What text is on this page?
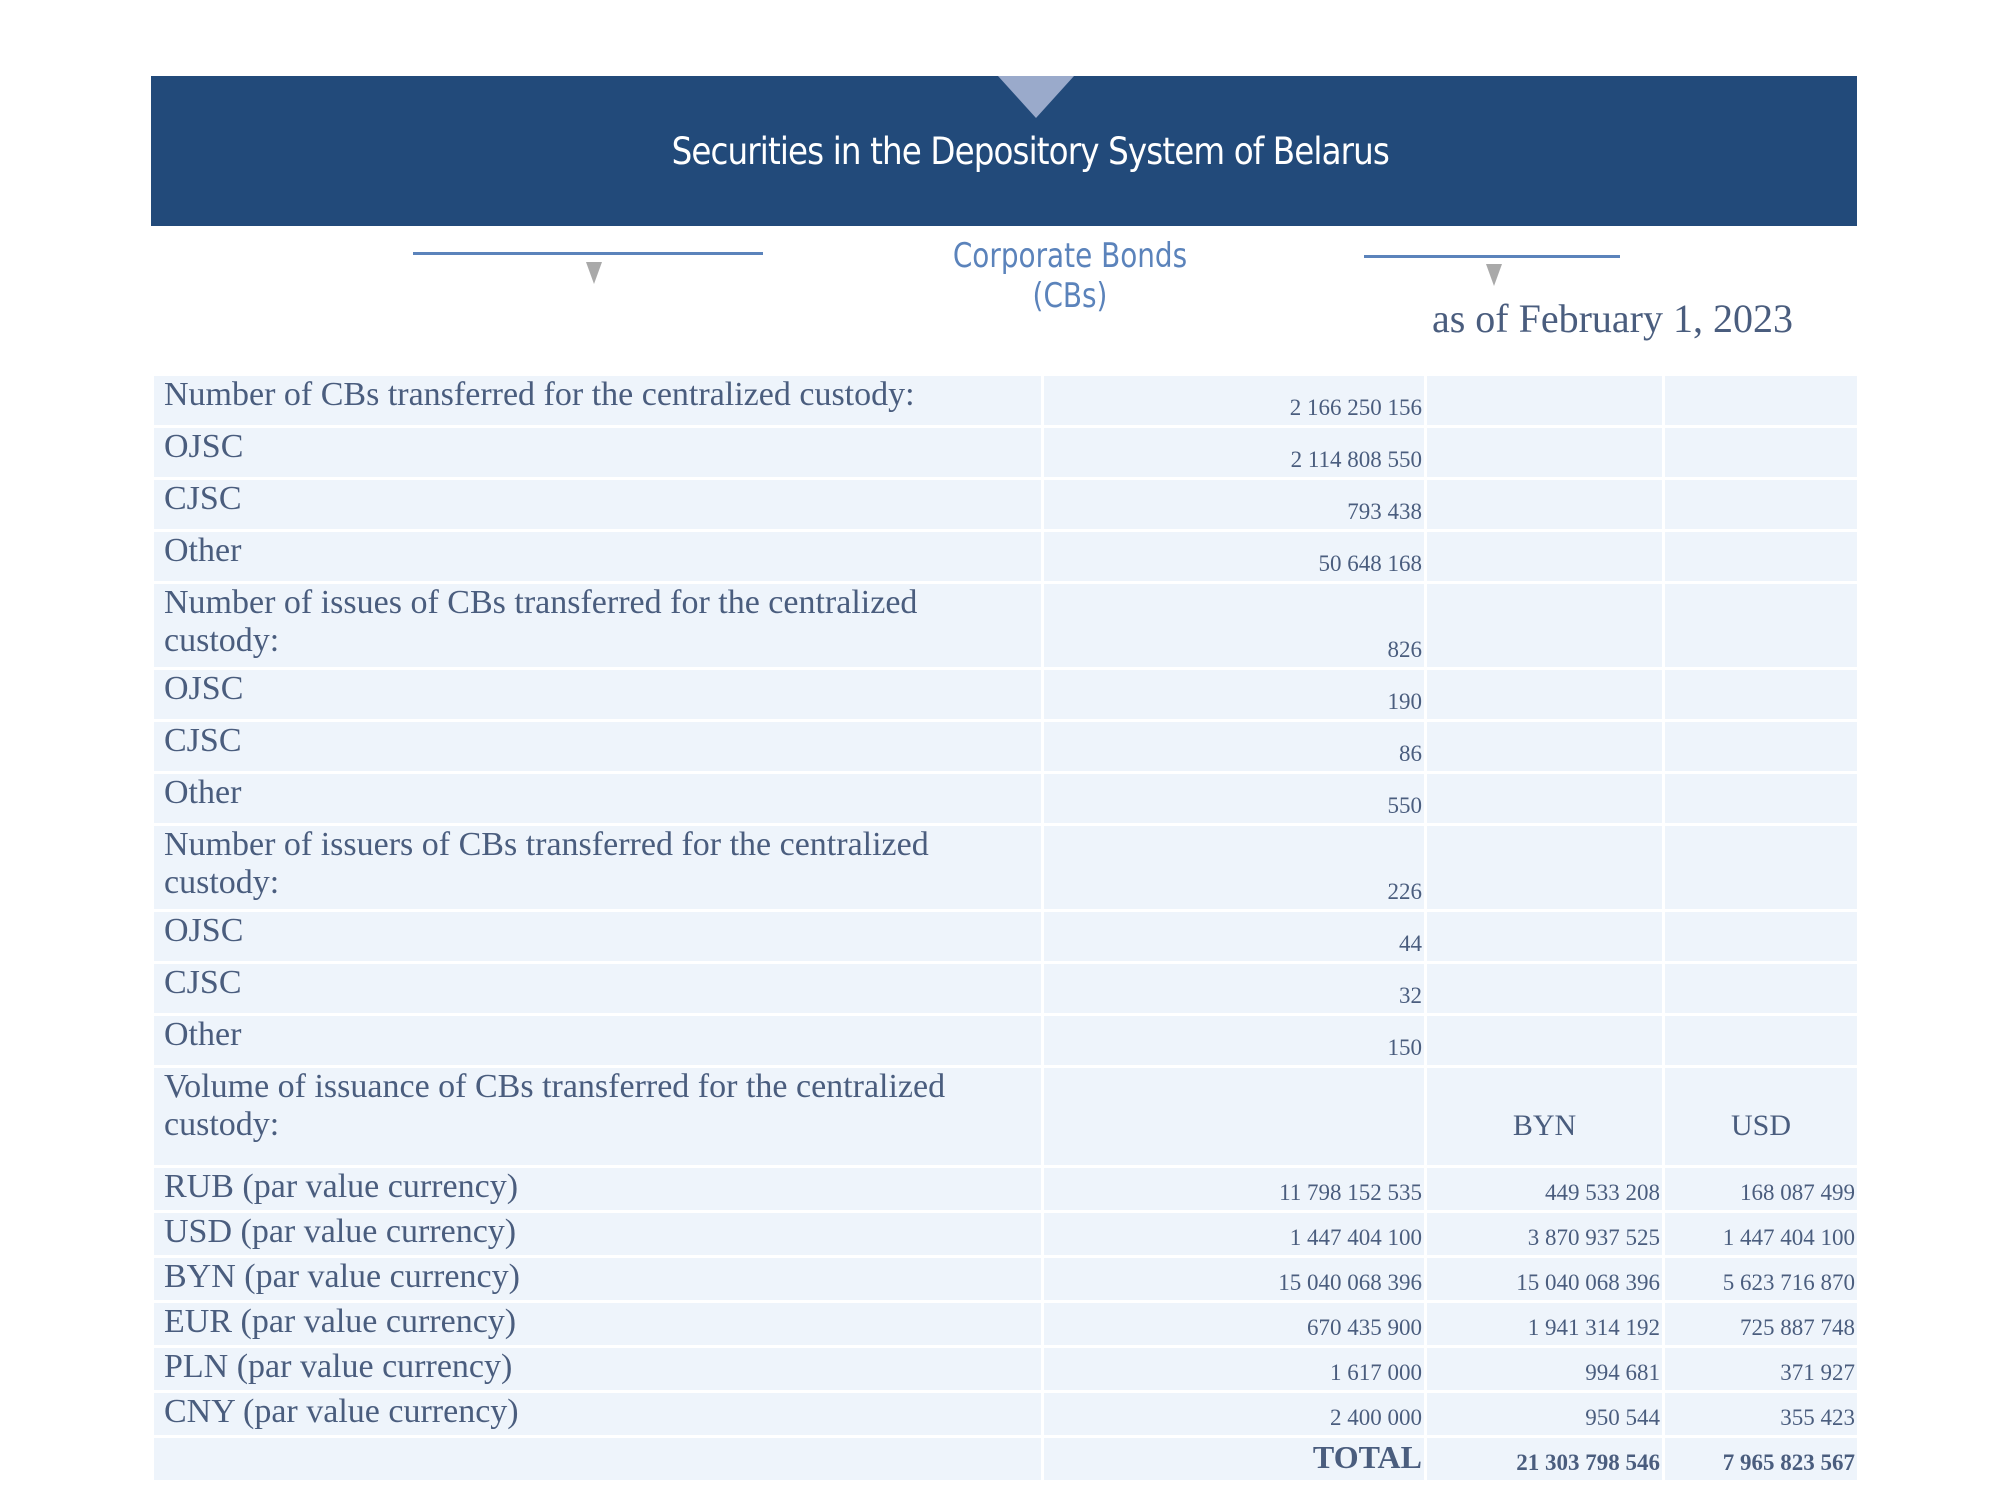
Securities in the Depository System of Belarus
Corporate Bonds (CBs)	as of February 1, 2023
Number of CBs transferred for the centralized custody:	2 166 250 156		
OJSC	2 114 808 550		
CJSC	793 438		
Other	50 648 168		
Number of issues of CBs transferred for the centralized custody:	826		
OJSC	190		
CJSC	86		
Other	550		
Number of issuers of CBs transferred for the centralized custody:	226		
OJSC	44		
CJSC	32		
Other	150		
Volume of issuance of CBs transferred for the centralized custody:		BYN	USD
RUB (par value currency)	11 798 152 535	449 533 208	168 087 499
USD (par value currency)	1 447 404 100	3 870 937 525	1 447 404 100
BYN (par value currency)	15 040 068 396	15 040 068 396	5 623 716 870
EUR (par value currency)	670 435 900	1 941 314 192	725 887 748
PLN (par value currency)	1 617 000	994 681	371 927
CNY (par value currency)	2 400 000	950 544	355 423
	TOTAL	21 303 798 546	7 965 823 567
